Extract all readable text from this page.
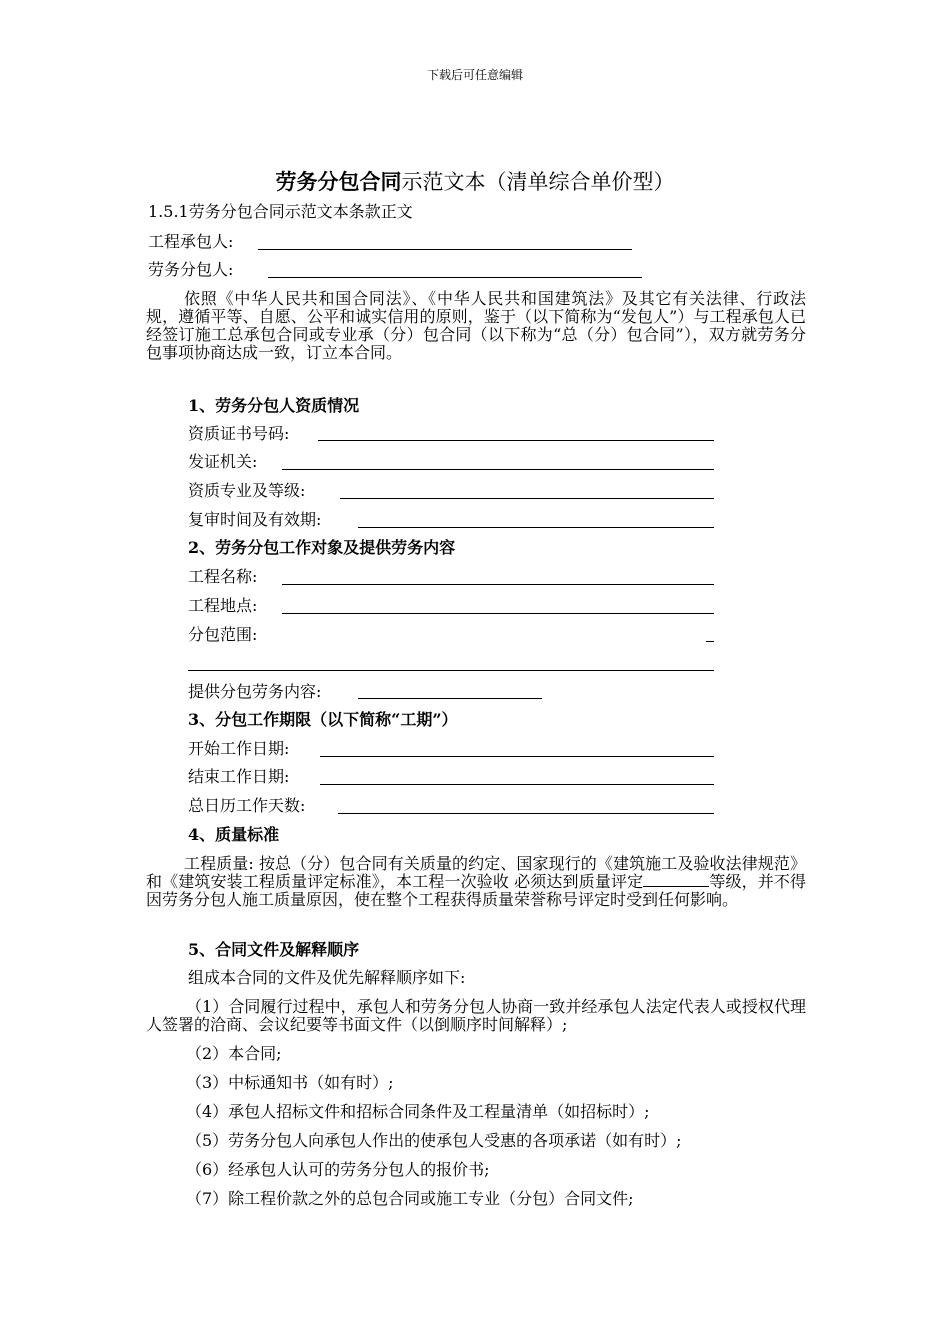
下载后可任意编辑
劳务分包合同示范文本（清单综合单价型）
1.5.1劳务分包合同示范文本条款正文
工程承包人:
劳务分包人:
依照《中华人民共和国合同法》、《中华人民共和国建筑法》及其它有关法律、行政法规，遵循平等、自愿、公平和诚实信用的原则，鉴于（以下简称为“发包人”）与工程承包人已经签订施工总承包合同或专业承（分）包合同（以下称为“总（分）包合同”），双方就劳务分包事项协商达成一致，订立本合同。
1、劳务分包人资质情况
资质证书号码:
发证机关:
资质专业及等级:
复审时间及有效期:
2、劳务分包工作对象及提供劳务内容
工程名称:
工程地点:
分包范围:
提供分包劳务内容:
3、分包工作期限（以下简称“工期”）
开始工作日期:
结束工作日期:
总日历工作天数:
4、质量标准
工程质量: 按总（分）包合同有关质量的约定、国家现行的《建筑施工及验收法律规范》和《建筑安装工程质量评定标准》，本工程一次验收 必须达到质量评定	等级，并不得因劳务分包人施工质量原因，使在整个工程获得质量荣誉称号评定时受到任何影响。
5、合同文件及解释顺序
组成本合同的文件及优先解释顺序如下:
（1）合同履行过程中，承包人和劳务分包人协商一致并经承包人法定代表人或授权代理人签署的洽商、会议纪要等书面文件（以倒顺序时间解释）;
（2）本合同;
（3）中标通知书（如有时）;
（4）承包人招标文件和招标合同条件及工程量清单（如招标时）;
（5）劳务分包人向承包人作出的使承包人受惠的各项承诺（如有时）;
（6）经承包人认可的劳务分包人的报价书;
（7）除工程价款之外的总包合同或施工专业（分包）合同文件;
